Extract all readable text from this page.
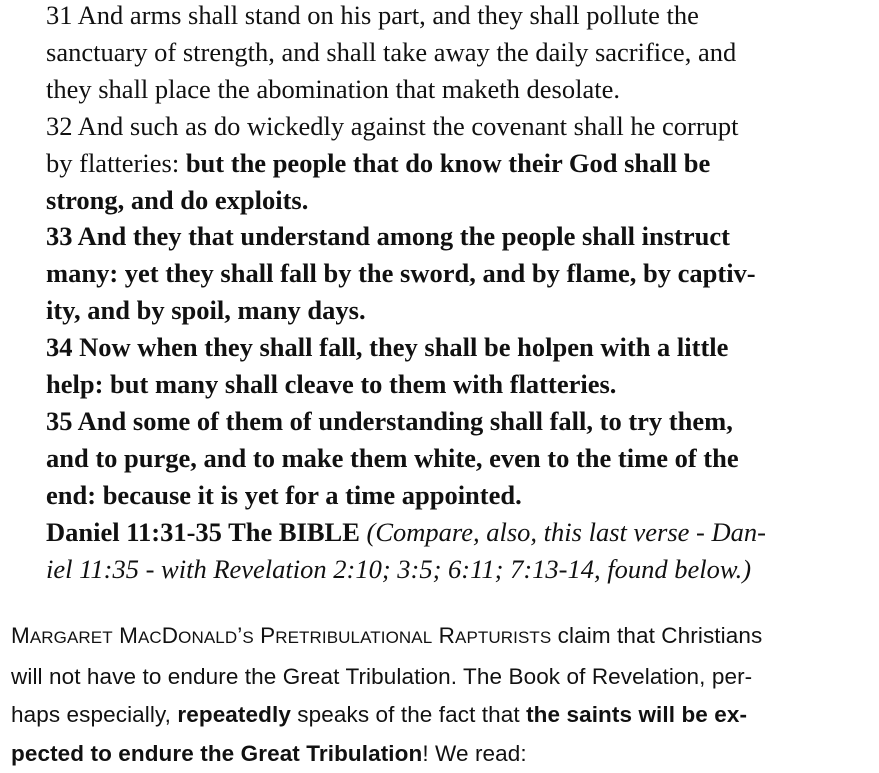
31 And arms shall stand on his part, and they shall pollute the
sanctuary of strength, and shall take away the daily sacrifice, and
they shall place the abomination that maketh desolate.
32 And such as do wickedly against the covenant shall he corrupt
by flatteries: but the people that do know their God shall be
strong, and do exploits.
33 And they that understand among the people shall instruct
many: yet they shall fall by the sword, and by flame, by captiv-
ity, and by spoil, many days.
34 Now when they shall fall, they shall be holpen with a little
help: but many shall cleave to them with flatteries.
35 And some of them of understanding shall fall, to try them,
and to purge, and to make them white, even to the time of the
end: because it is yet for a time appointed.
Daniel 11:31-35 The BIBLE (Compare, also, this last verse - Dan-
iel 11:35 - with Revelation 2:10; 3:5; 6:11; 7:13-14, found below.)
MARGARET MACDONALD’S PRETRIBULATIONAL RAPTURISTS claim that Christians
will not have to endure the Great Tribulation. The Book of Revelation, per-
haps especially, repeatedly speaks of the fact that the saints will be ex-
pected to endure the Great Tribulation! We read:
